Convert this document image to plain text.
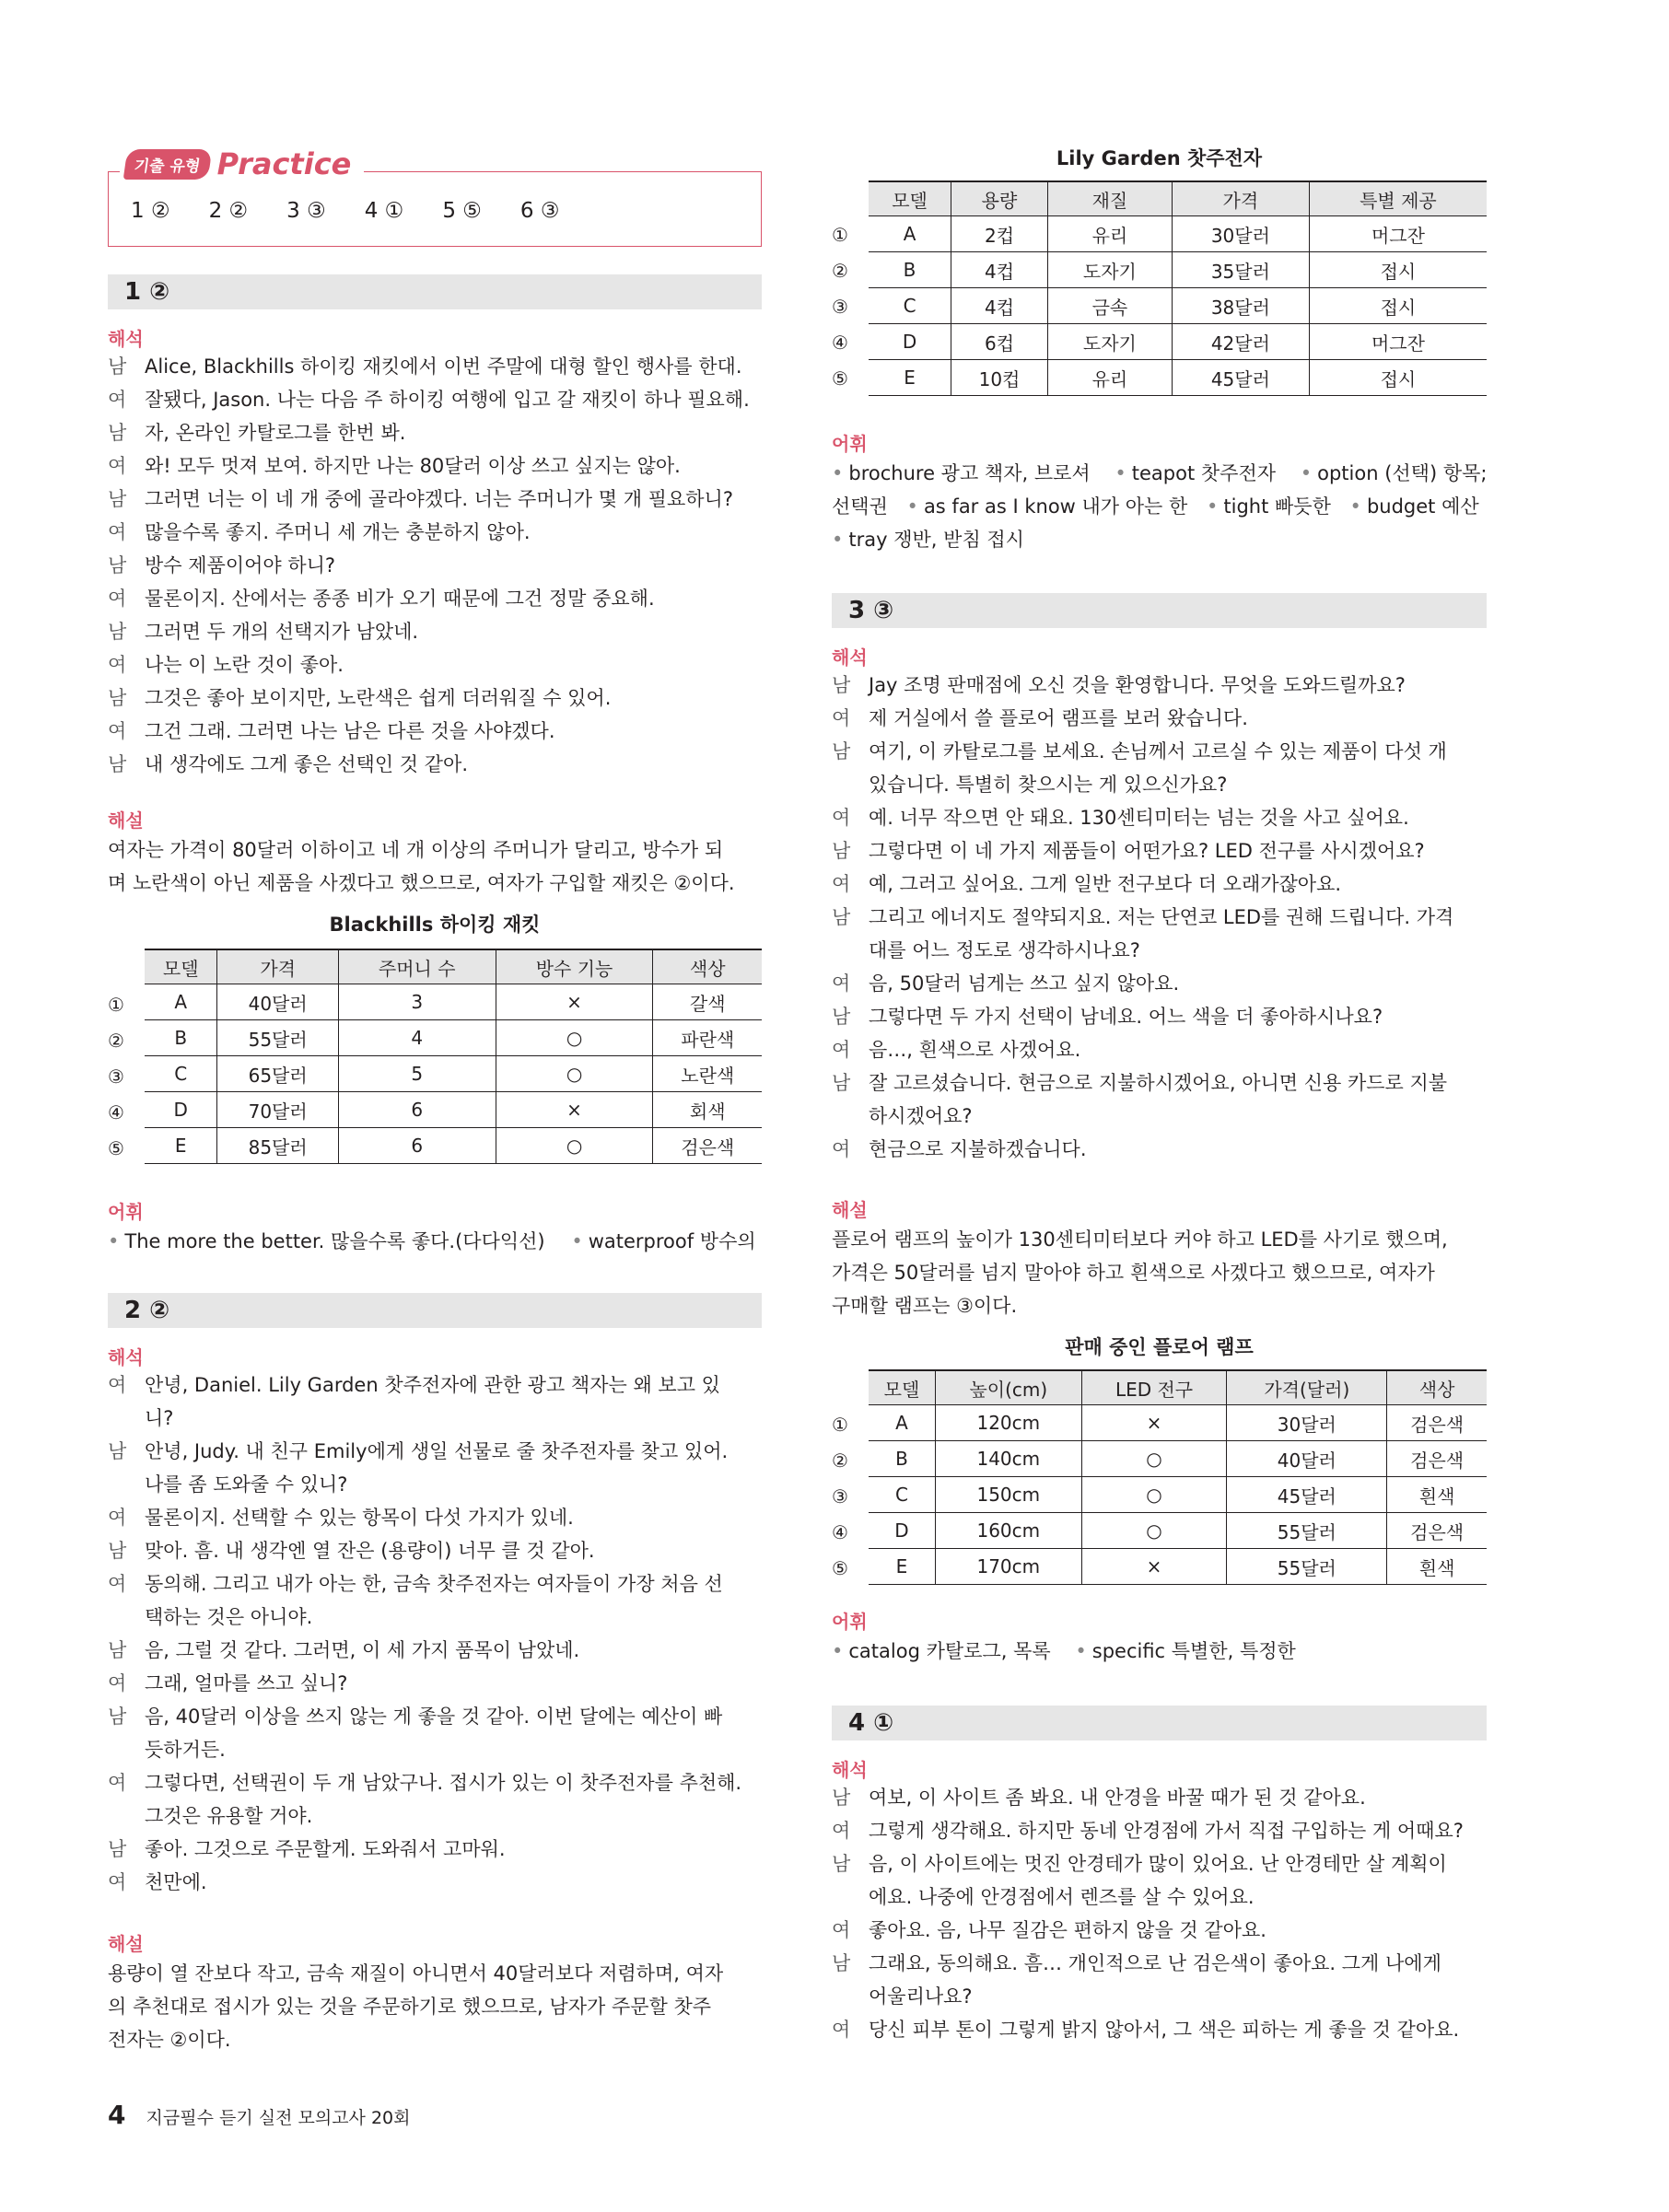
기출 유형 Practice
1 ② 2 ② 3 ③ 4 ① 5 ⑤ 6 ③
1 ②
해석
남 Alice, Blackhills 하이킹 재킷에서 이번 주말에 대형 할인 행사를 한대.
여 잘됐다, Jason. 나는 다음 주 하이킹 여행에 입고 갈 재킷이 하나 필요해.
남 자, 온라인 카탈로그를 한번 봐.
여 와! 모두 멋져 보여. 하지만 나는 80달러 이상 쓰고 싶지는 않아.
남 그러면 너는 이 네 개 중에 골라야겠다. 너는 주머니가 몇 개 필요하니?
여 많을수록 좋지. 주머니 세 개는 충분하지 않아.
남 방수 제품이어야 하니?
여 물론이지. 산에서는 종종 비가 오기 때문에 그건 정말 중요해.
남 그러면 두 개의 선택지가 남았네.
여 나는 이 노란 것이 좋아.
남 그것은 좋아 보이지만, 노란색은 쉽게 더러워질 수 있어.
여 그건 그래. 그러면 나는 남은 다른 것을 사야겠다.
남 내 생각에도 그게 좋은 선택인 것 같아.
해설
여자는 가격이 80달러 이하이고 네 개 이상의 주머니가 달리고, 방수가 되
며 노란색이 아닌 제품을 사겠다고 했으므로, 여자가 구입할 재킷은 ②이다.
Blackhills 하이킹 재킷
①
②
③
④
⑤
모델	가격	주머니 수	방수 기능	색상
A	40달러	3	×	갈색
B	55달러	4	○	파란색
C	65달러	5	○	노란색
D	70달러	6	×	회색
E	85달러	6	○	검은색
어휘
• The more the better. 많을수록 좋다.(다다익선) • waterproof 방수의
2 ②
해석
여 안녕, Daniel. Lily Garden 찻주전자에 관한 광고 책자는 왜 보고 있
니?
남 안녕, Judy. 내 친구 Emily에게 생일 선물로 줄 찻주전자를 찾고 있어.
나를 좀 도와줄 수 있니?
여 물론이지. 선택할 수 있는 항목이 다섯 가지가 있네.
남 맞아. 흠. 내 생각엔 열 잔은 (용량이) 너무 클 것 같아.
여 동의해. 그리고 내가 아는 한, 금속 찻주전자는 여자들이 가장 처음 선
택하는 것은 아니야.
남 음, 그럴 것 같다. 그러면, 이 세 가지 품목이 남았네.
여 그래, 얼마를 쓰고 싶니?
남 음, 40달러 이상을 쓰지 않는 게 좋을 것 같아. 이번 달에는 예산이 빠
듯하거든.
여 그렇다면, 선택권이 두 개 남았구나. 접시가 있는 이 찻주전자를 추천해.
그것은 유용할 거야.
남 좋아. 그것으로 주문할게. 도와줘서 고마워.
여 천만에.
해설
용량이 열 잔보다 작고, 금속 재질이 아니면서 40달러보다 저렴하며, 여자
의 추천대로 접시가 있는 것을 주문하기로 했으므로, 남자가 주문할 찻주
전자는 ②이다.
Lily Garden 찻주전자
①
②
③
④
⑤
모델	용량	재질	가격	특별 제공
A	2컵	유리	30달러	머그잔
B	4컵	도자기	35달러	접시
C	4컵	금속	38달러	접시
D	6컵	도자기	42달러	머그잔
E	10컵	유리	45달러	접시
어휘
• brochure 광고 책자, 브로셔 • teapot 찻주전자 • option (선택) 항목;
선택권 • as far as I know 내가 아는 한 • tight 빠듯한 • budget 예산
• tray 쟁반, 받침 접시
3 ③
해석
남 Jay 조명 판매점에 오신 것을 환영합니다. 무엇을 도와드릴까요?
여 제 거실에서 쓸 플로어 램프를 보러 왔습니다.
남 여기, 이 카탈로그를 보세요. 손님께서 고르실 수 있는 제품이 다섯 개
있습니다. 특별히 찾으시는 게 있으신가요?
여 예. 너무 작으면 안 돼요. 130센티미터는 넘는 것을 사고 싶어요.
남 그렇다면 이 네 가지 제품들이 어떤가요? LED 전구를 사시겠어요?
여 예, 그러고 싶어요. 그게 일반 전구보다 더 오래가잖아요.
남 그리고 에너지도 절약되지요. 저는 단연코 LED를 권해 드립니다. 가격
대를 어느 정도로 생각하시나요?
여 음, 50달러 넘게는 쓰고 싶지 않아요.
남 그렇다면 두 가지 선택이 남네요. 어느 색을 더 좋아하시나요?
여 음…, 흰색으로 사겠어요.
남 잘 고르셨습니다. 현금으로 지불하시겠어요, 아니면 신용 카드로 지불
하시겠어요?
여 현금으로 지불하겠습니다.
해설
플로어 램프의 높이가 130센티미터보다 커야 하고 LED를 사기로 했으며,
가격은 50달러를 넘지 말아야 하고 흰색으로 사겠다고 했으므로, 여자가
구매할 램프는 ③이다.
판매 중인 플로어 램프
①
②
③
④
⑤
모델	높이(cm)	LED 전구	가격(달러)	색상
A	120cm	×	30달러	검은색
B	140cm	○	40달러	검은색
C	150cm	○	45달러	흰색
D	160cm	○	55달러	검은색
E	170cm	×	55달러	흰색
어휘
• catalog 카탈로그, 목록 • specific 특별한, 특정한
4 ①
해석
남 여보, 이 사이트 좀 봐요. 내 안경을 바꿀 때가 된 것 같아요.
여 그렇게 생각해요. 하지만 동네 안경점에 가서 직접 구입하는 게 어때요?
남 음, 이 사이트에는 멋진 안경테가 많이 있어요. 난 안경테만 살 계획이
에요. 나중에 안경점에서 렌즈를 살 수 있어요.
여 좋아요. 음, 나무 질감은 편하지 않을 것 같아요.
남 그래요, 동의해요. 흠… 개인적으로 난 검은색이 좋아요. 그게 나에게
어울리나요?
여 당신 피부 톤이 그렇게 밝지 않아서, 그 색은 피하는 게 좋을 것 같아요.
4 지금필수 듣기 실전 모의고사 20회
